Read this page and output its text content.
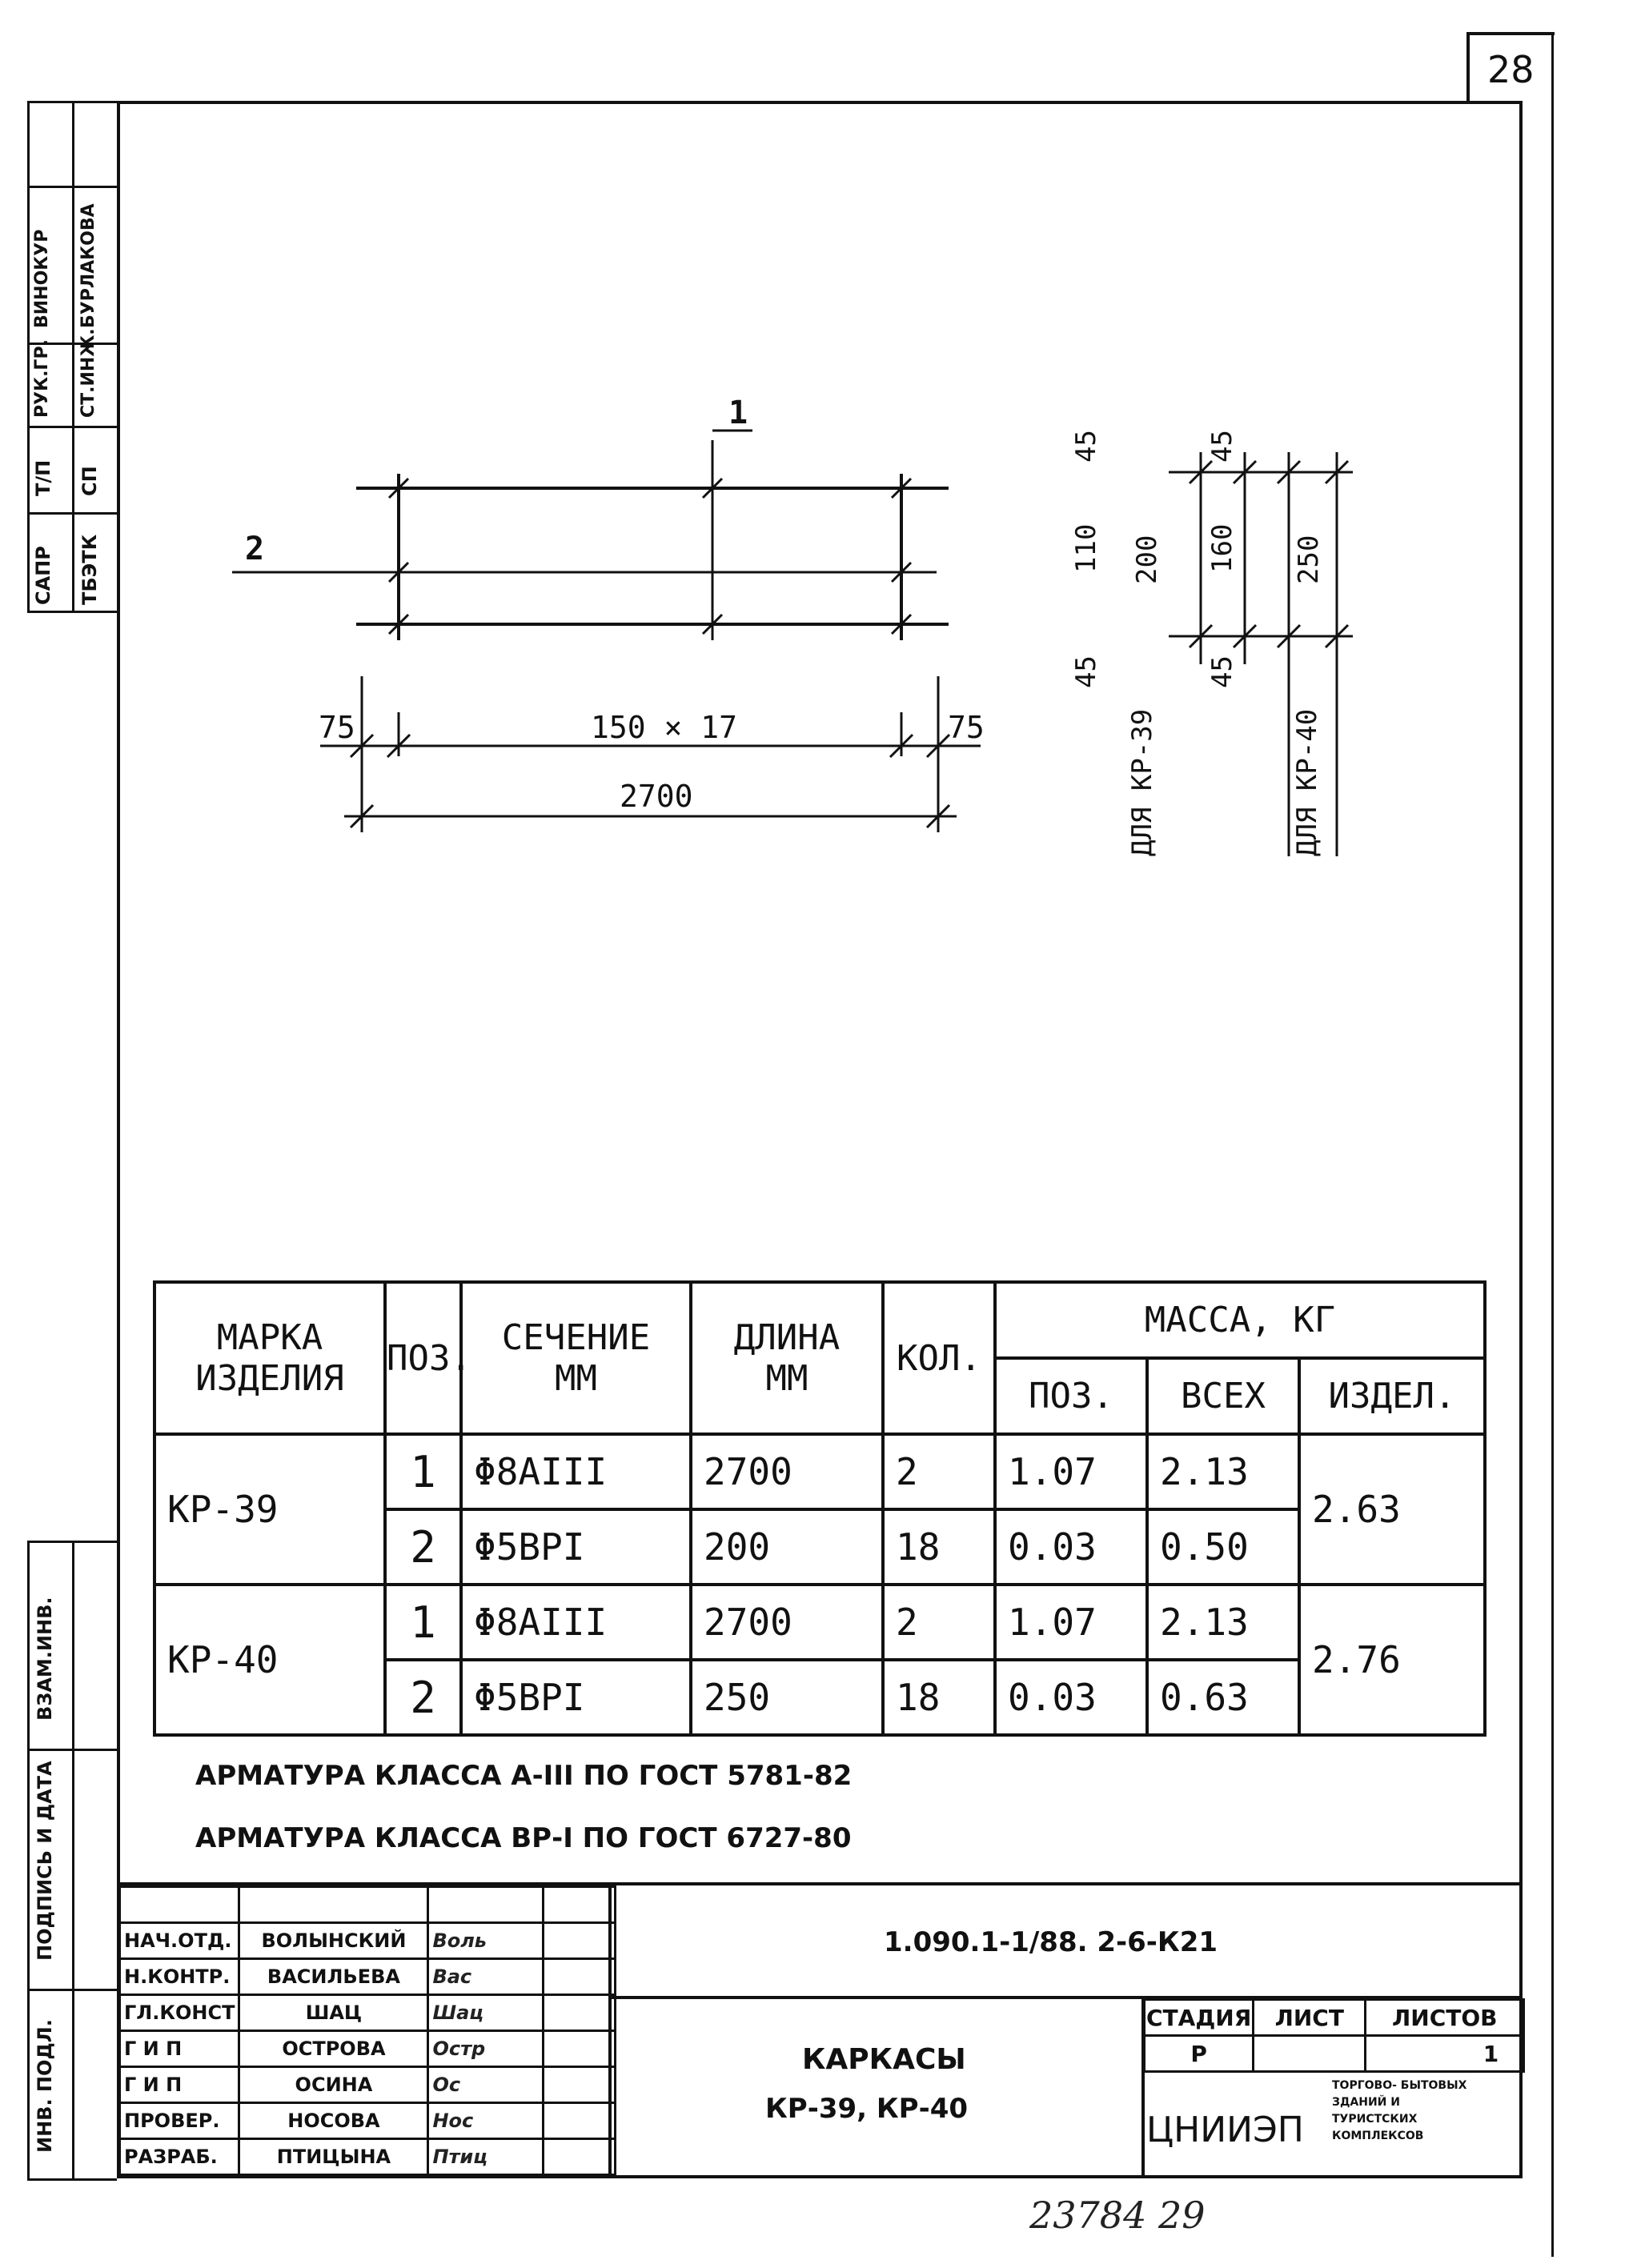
28
САПР
Т/П
РУК.ГР.
ВИНОКУР
ТБЭТК
СП
СТ.ИНЖ.
БУРЛАКОВА
ИНВ. ПОДЛ.
ПОДПИСЬ И ДАТА
ВЗАМ.ИНВ.
1
2
75	75
150 × 17
2700
45
110
45
200
ДЛЯ КР-39
45
160
45
250
ДЛЯ КР-40
МАРКА ИЗДЕЛИЯ	ПОЗ.	СЕЧЕНИЕ ММ	ДЛИНА ММ	КОЛ.	МАССА, КГ		
					ПОЗ.	ВСЕХ	ИЗДЕЛ.
КР-39	1	Φ8AIII	2700	2	1.07	2.13	2.63
	2	Φ5BPI	200	18	0.03	0.50	
КР-40	1	Φ8AIII	2700	2	1.07	2.13	2.76
	2	Φ5BPI	250	18	0.03	0.63	
АРМАТУРА КЛАССА А-III ПО ГОСТ 5781-82
АРМАТУРА КЛАССА ВР-I ПО ГОСТ 6727-80

НАЧ.ОТД.	ВОЛЫНСКИЙ	Воль	
Н.КОНТР.	ВАСИЛЬЕВА	Вас	
ГЛ.КОНСТ	ШАЦ	Шац	
Г И П	ОСТРОВА	Остр	
Г И П	ОСИНА	Ос	
ПРОВЕР.	НОСОВА	Нос	
РАЗРАБ.	ПТИЦЫНА	Птиц	
1.090.1-1/88. 2-6-К21
КАРКАСЫ
КР-39, КР-40
СТАДИЯ	ЛИСТ	ЛИСТОВ
Р		1
ЦНИИЭП
ТОРГОВО- БЫТОВЫХ ЗДАНИЙ И ТУРИСТСКИХ КОМПЛЕКСОВ
23784 29
